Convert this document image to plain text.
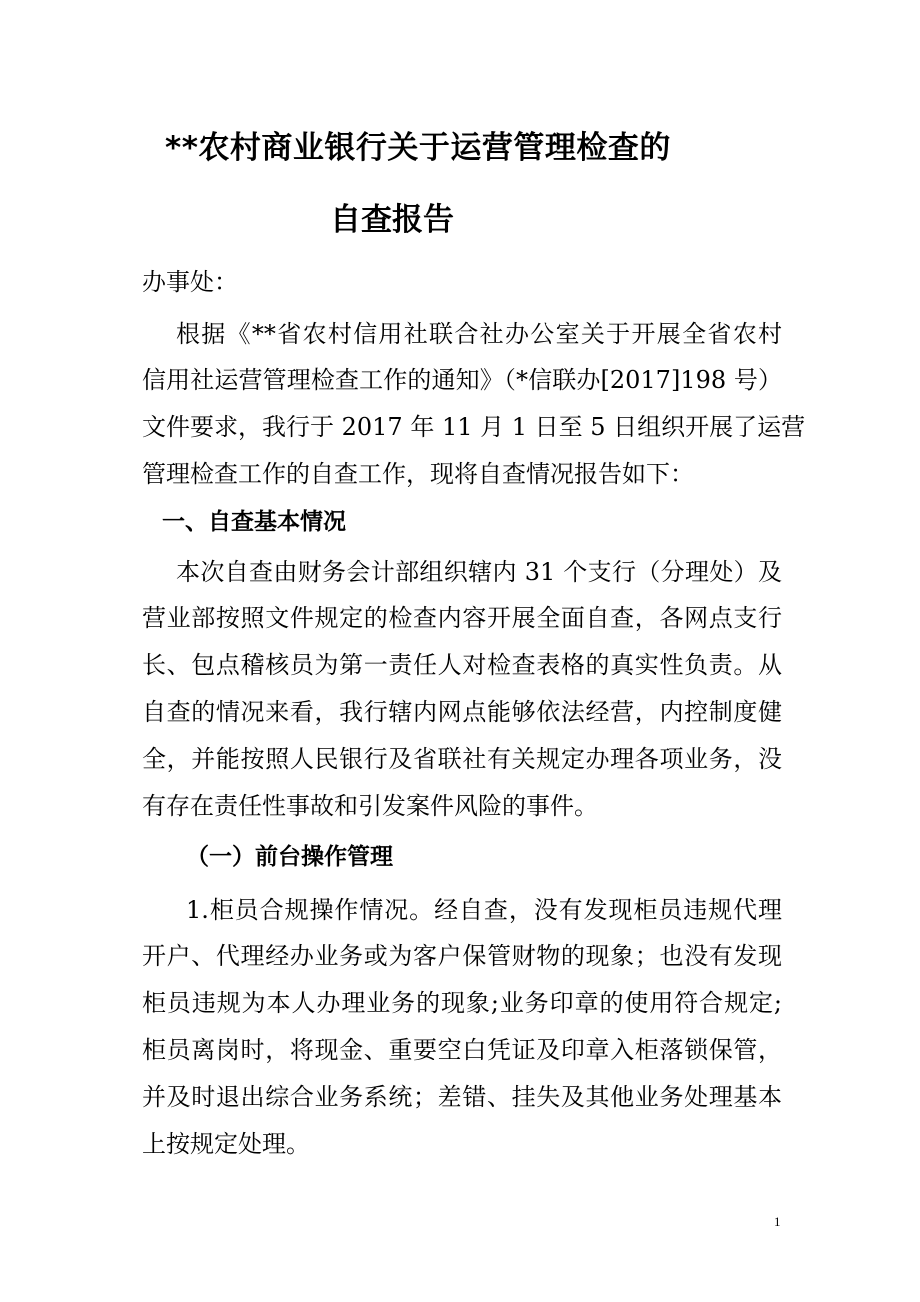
**农村商业银行关于运营管理检查的
自查报告
办事处：
根据《**省农村信用社联合社办公室关于开展全省农村
信用社运营管理检查工作的通知》（*信联办[2017]198 号）
文件要求，我行于 2017 年 11 月 1 日至 5 日组织开展了运营
管理检查工作的自查工作，现将自查情况报告如下：
一、自查基本情况
本次自查由财务会计部组织辖内 31 个支行（分理处）及
营业部按照文件规定的检查内容开展全面自查，各网点支行
长、包点稽核员为第一责任人对检查表格的真实性负责。从
自查的情况来看，我行辖内网点能够依法经营，内控制度健
全，并能按照人民银行及省联社有关规定办理各项业务，没
有存在责任性事故和引发案件风险的事件。
（一）前台操作管理
1.柜员合规操作情况。经自查，没有发现柜员违规代理
开户、代理经办业务或为客户保管财物的现象；也没有发现
柜员违规为本人办理业务的现象;业务印章的使用符合规定;
柜员离岗时，将现金、重要空白凭证及印章入柜落锁保管，
并及时退出综合业务系统；差错、挂失及其他业务处理基本
上按规定处理。
1
